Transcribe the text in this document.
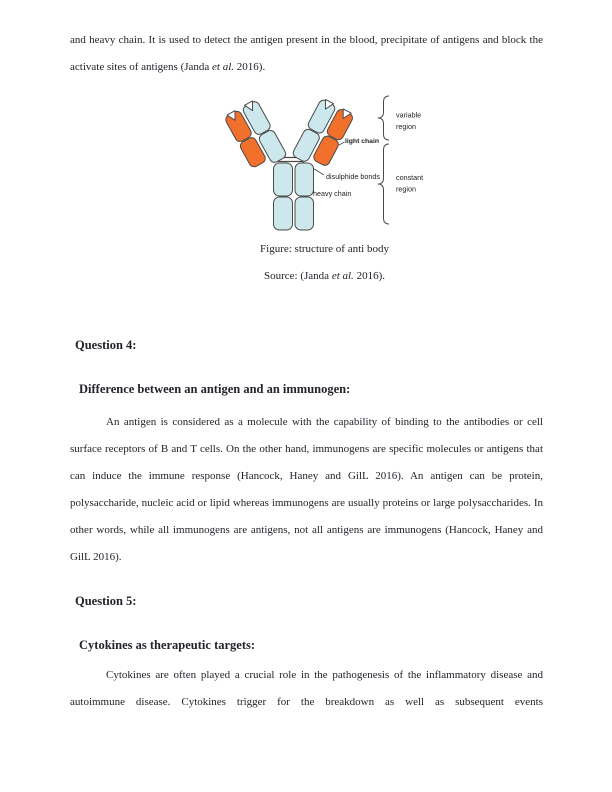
and heavy chain. It is used to detect the antigen present in the blood, precipitate of antigens and block the activate sites of antigens (Janda et al. 2016).

light chain
disulphide bonds
heavy chain
variable
region
constant
region

Figure: structure of anti body

Source: (Janda et al. 2016).

Question 4:

Difference between an antigen and an immunogen:

An antigen is considered as a molecule with the capability of binding to the antibodies or cell surface receptors of B and T cells. On the other hand, immunogens are specific molecules or antigens that can induce the immune response (Hancock, Haney and GilL 2016). An antigen can be protein, polysaccharide, nucleic acid or lipid whereas immunogens are usually proteins or large polysaccharides. In other words, while all immunogens are antigens, not all antigens are immunogens (Hancock, Haney and GilL 2016).

Question 5:

Cytokines as therapeutic targets:

Cytokines are often played a crucial role in the pathogenesis of the inflammatory disease and autoimmune disease. Cytokines trigger for the breakdown as well as subsequent events
